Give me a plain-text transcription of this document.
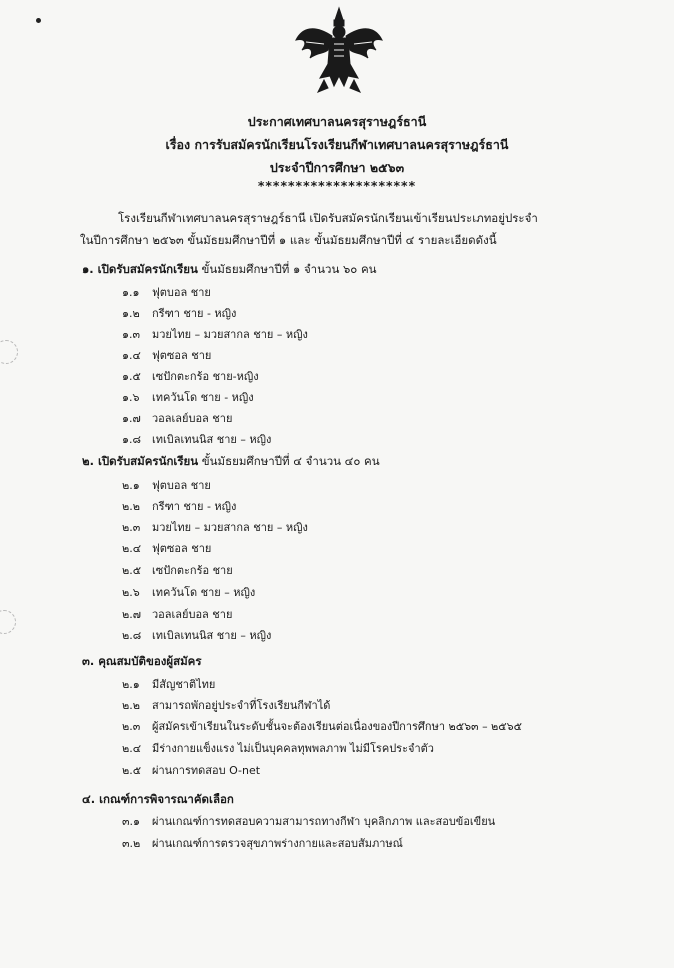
ประกาศเทศบาลนครสุราษฎร์ธานี
เรื่อง การรับสมัครนักเรียนโรงเรียนกีฬาเทศบาลนครสุราษฎร์ธานี
ประจำปีการศึกษา ๒๕๖๓
*********************
โรงเรียนกีฬาเทศบาลนครสุราษฎร์ธานี เปิดรับสมัครนักเรียนเข้าเรียนประเภทอยู่ประจำ
ในปีการศึกษา ๒๕๖๓ ขั้นมัธยมศึกษาปีที่ ๑ และ ขั้นมัธยมศึกษาปีที่ ๔ รายละเอียดดังนี้
๑. เปิดรับสมัครนักเรียน ขั้นมัธยมศึกษาปีที่ ๑ จำนวน ๖๐ คน
๑.๑ ฟุตบอล ชาย
๑.๒ กรีฑา ชาย - หญิง
๑.๓ มวยไทย – มวยสากล ชาย – หญิง
๑.๔ ฟุตซอล ชาย
๑.๕ เซปักตะกร้อ ชาย-หญิง
๑.๖ เทควันโด ชาย - หญิง
๑.๗ วอลเลย์บอล ชาย
๑.๘ เทเบิลเทนนิส ชาย – หญิง
๒. เปิดรับสมัครนักเรียน ขั้นมัธยมศึกษาปีที่ ๔ จำนวน ๔๐ คน
๒.๑ ฟุตบอล ชาย
๒.๒ กรีฑา ชาย - หญิง
๒.๓ มวยไทย – มวยสากล ชาย – หญิง
๒.๔ ฟุตซอล ชาย
๒.๕ เซปักตะกร้อ ชาย
๒.๖ เทควันโด ชาย – หญิง
๒.๗ วอลเลย์บอล ชาย
๒.๘ เทเบิลเทนนิส ชาย – หญิง
๓. คุณสมบัติของผู้สมัคร
๒.๑ มีสัญชาติไทย
๒.๒ สามารถพักอยู่ประจำที่โรงเรียนกีฬาได้
๒.๓ ผู้สมัครเข้าเรียนในระดับชั้นจะต้องเรียนต่อเนื่องของปีการศึกษา ๒๕๖๓ – ๒๕๖๕
๒.๔ มีร่างกายแข็งแรง ไม่เป็นบุคคลทุพพลภาพ ไม่มีโรคประจำตัว
๒.๕ ผ่านการทดสอบ O-net
๔. เกณฑ์การพิจารณาคัดเลือก
๓.๑ ผ่านเกณฑ์การทดสอบความสามารถทางกีฬา บุคลิกภาพ และสอบข้อเขียน
๓.๒ ผ่านเกณฑ์การตรวจสุขภาพร่างกายและสอบสัมภาษณ์
